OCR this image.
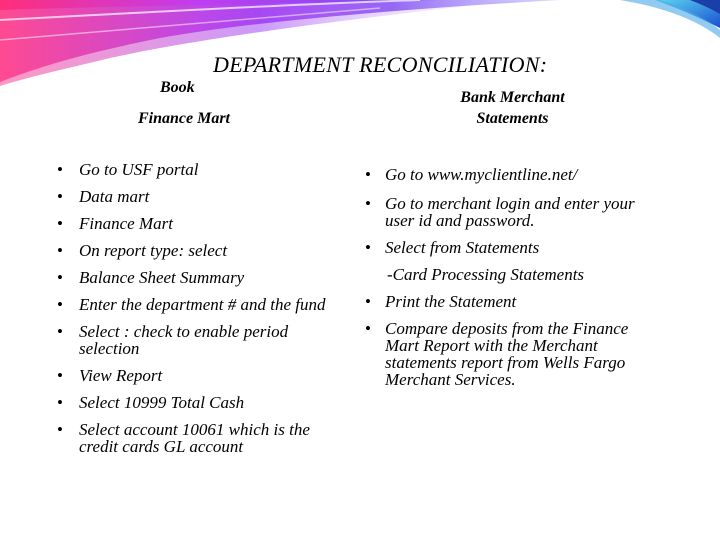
DEPARTMENT RECONCILIATION:
Book
Finance Mart
Bank Merchant Statements
• Go to USF portal
• Data mart
• Finance Mart
• On report type: select
• Balance Sheet Summary
• Enter the department # and the fund
• Select : check to enable period selection
• View Report
• Select 10999 Total Cash
• Select account 10061 which is the credit cards GL account
• Go to www.myclientline.net/
• Go to merchant login and enter your user id and password.
• Select from Statements
-Card Processing Statements
• Print the Statement
• Compare deposits from the Finance Mart Report with the Merchant statements report from Wells Fargo Merchant Services.
